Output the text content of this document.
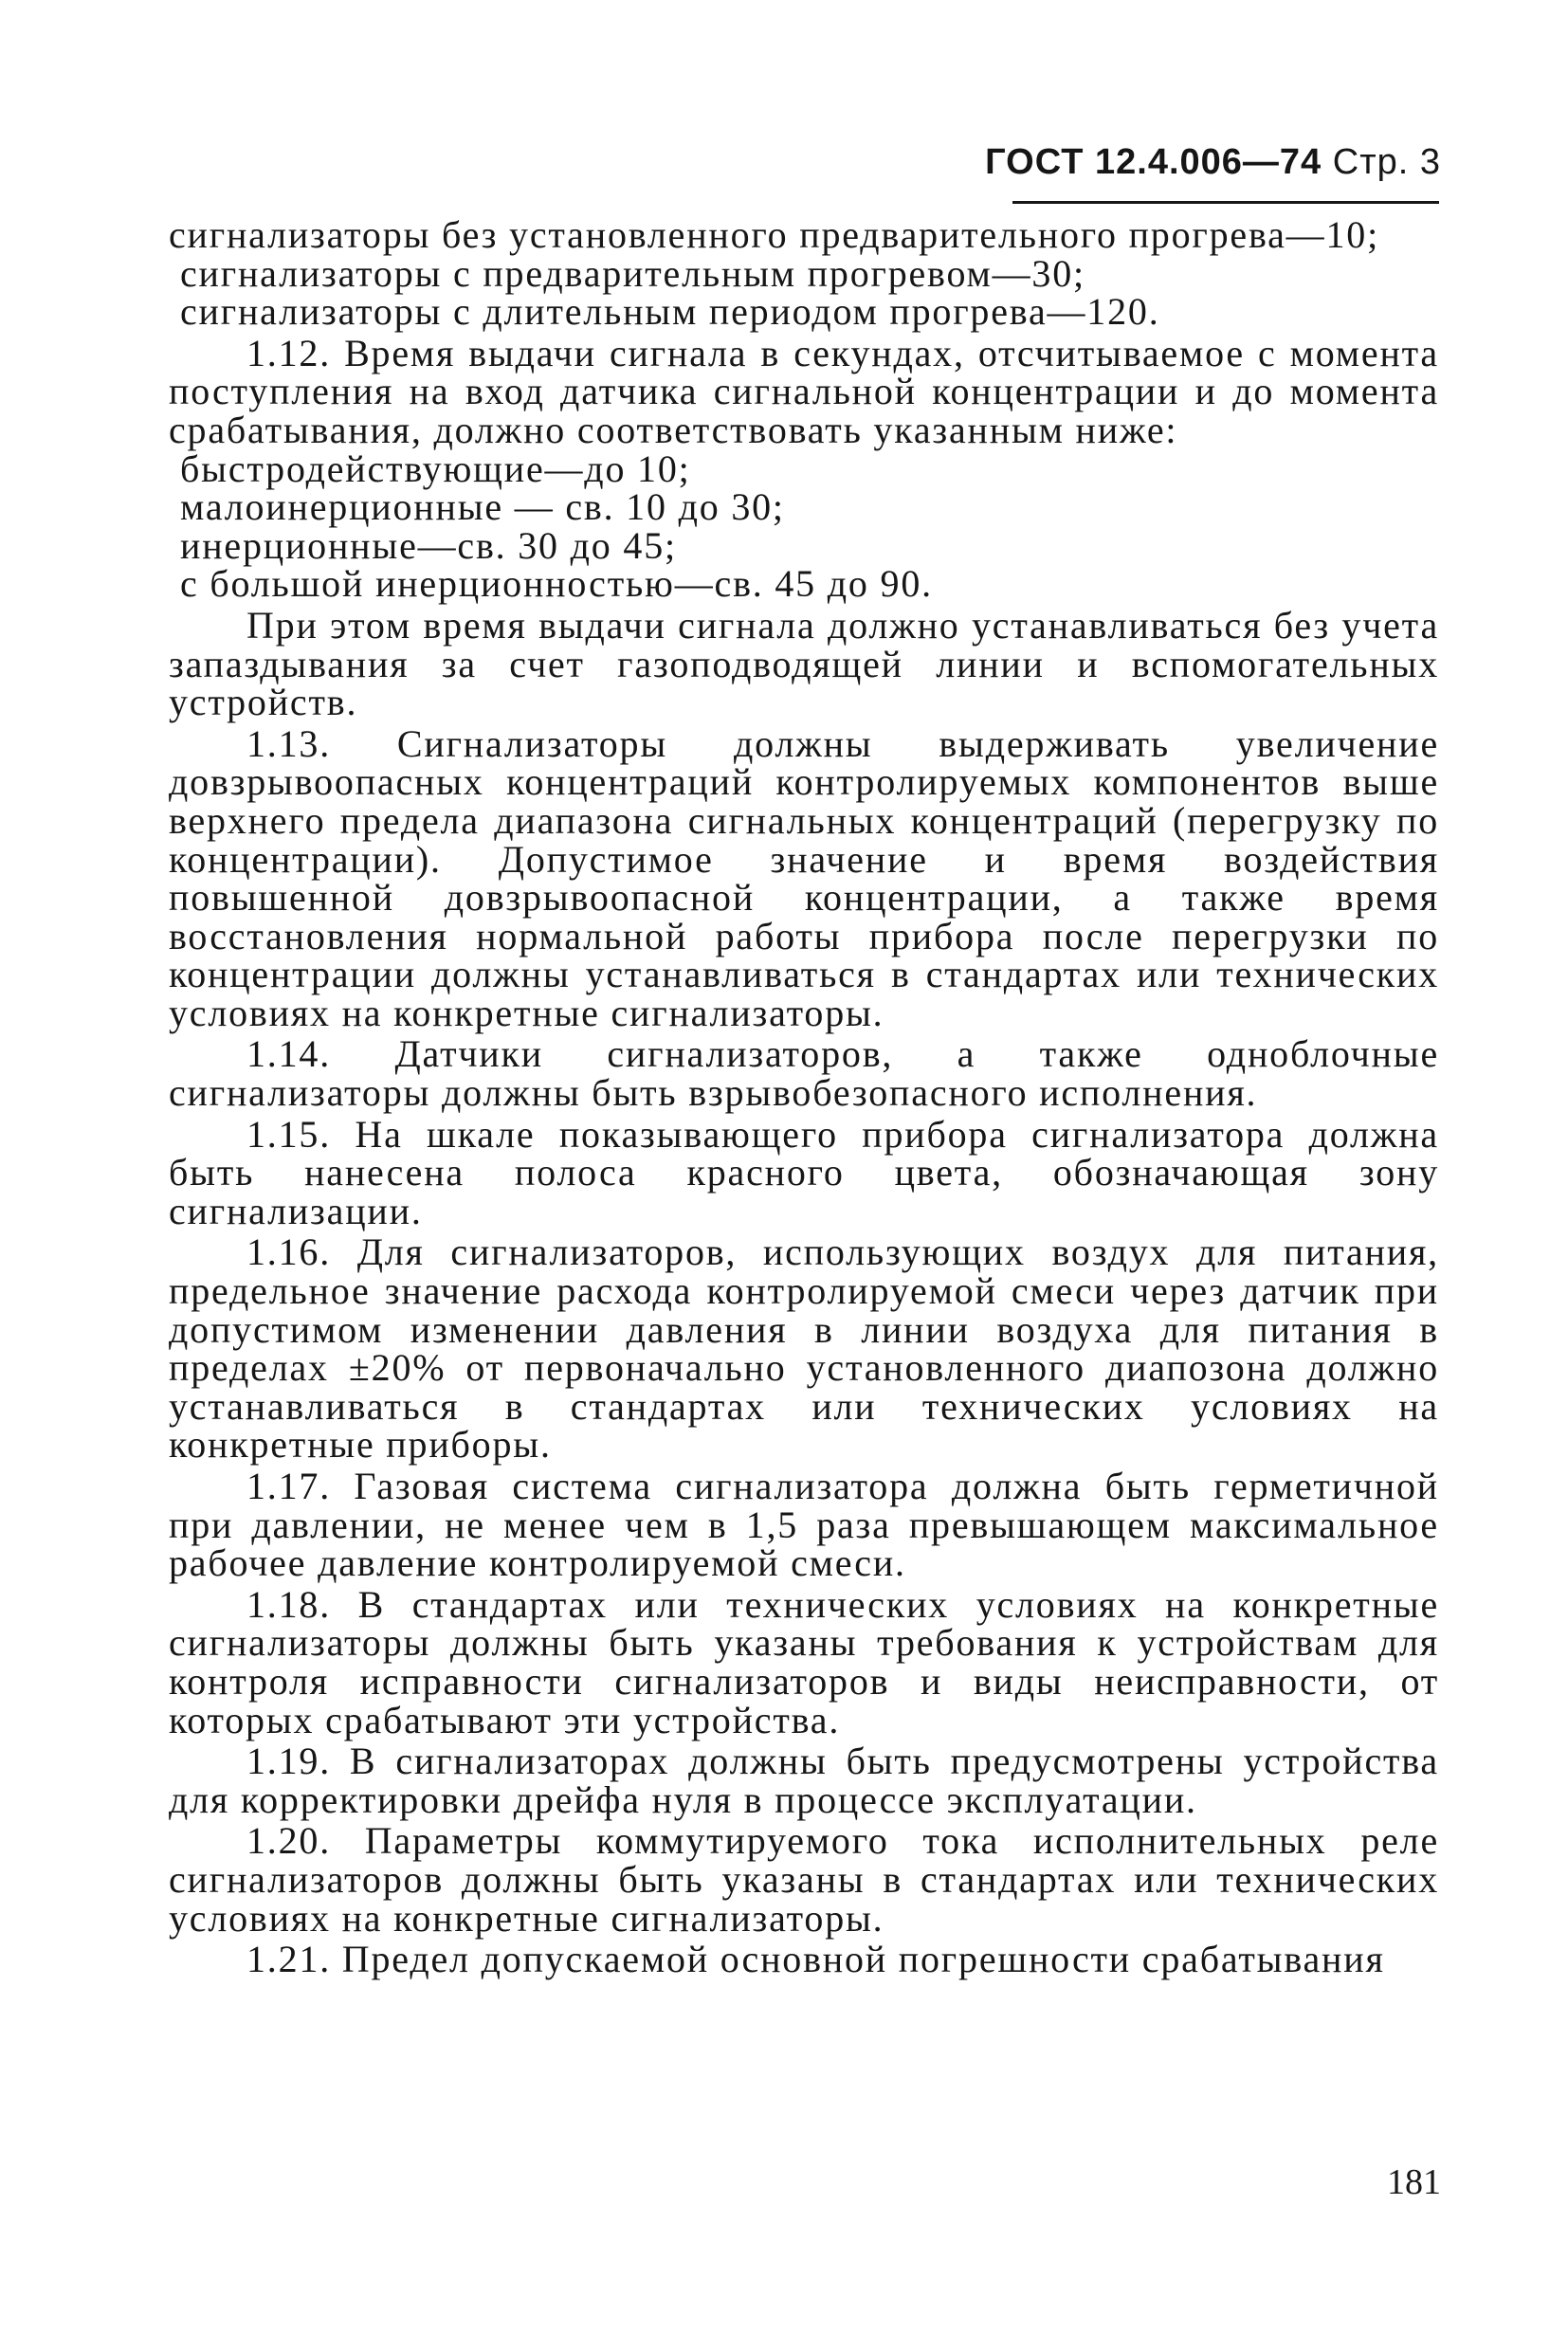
ГОСТ 12.4.006—74 Стр. 3

сигнализаторы без установленного предварительного прогрева—10;

сигнализаторы с предварительным прогревом—30;

сигнализаторы с длительным периодом прогрева—120.

1.12. Время выдачи сигнала в секундах, отсчитываемое с момента поступления на вход датчика сигнальной концентрации и до момента срабатывания, должно соответствовать указанным ниже:

быстродействующие—до 10;

малоинерционные — св. 10 до 30;

инерционные—св. 30 до 45;

с большой инерционностью—св. 45 до 90.

При этом время выдачи сигнала должно устанавливаться без учета запаздывания за счет газоподводящей линии и вспомогательных устройств.

1.13. Сигнализаторы должны выдерживать увеличение довзрывоопасных концентраций контролируемых компонентов выше верхнего предела диапазона сигнальных концентраций (перегрузку по концентрации). Допустимое значение и время воздействия повышенной довзрывоопасной концентрации, а также время восстановления нормальной работы прибора после перегрузки по концентрации должны устанавливаться в стандартах или технических условиях на конкретные сигнализаторы.

1.14. Датчики сигнализаторов, а также одноблочные сигнализаторы должны быть взрывобезопасного исполнения.

1.15. На шкале показывающего прибора сигнализатора должна быть нанесена полоса красного цвета, обозначающая зону сигнализации.

1.16. Для сигнализаторов, использующих воздух для питания, предельное значение расхода контролируемой смеси через датчик при допустимом изменении давления в линии воздуха для питания в пределах ±20% от первоначально установленного диапозона должно устанавливаться в стандартах или технических условиях на конкретные приборы.

1.17. Газовая система сигнализатора должна быть герметичной при давлении, не менее чем в 1,5 раза превышающем максимальное рабочее давление контролируемой смеси.

1.18. В стандартах или технических условиях на конкретные сигнализаторы должны быть указаны требования к устройствам для контроля исправности сигнализаторов и виды неисправности, от которых срабатывают эти устройства.

1.19. В сигнализаторах должны быть предусмотрены устройства для корректировки дрейфа нуля в процессе эксплуатации.

1.20. Параметры коммутируемого тока исполнительных реле сигнализаторов должны быть указаны в стандартах или технических условиях на конкретные сигнализаторы.

1.21. Предел допускаемой основной погрешности срабатывания

181
